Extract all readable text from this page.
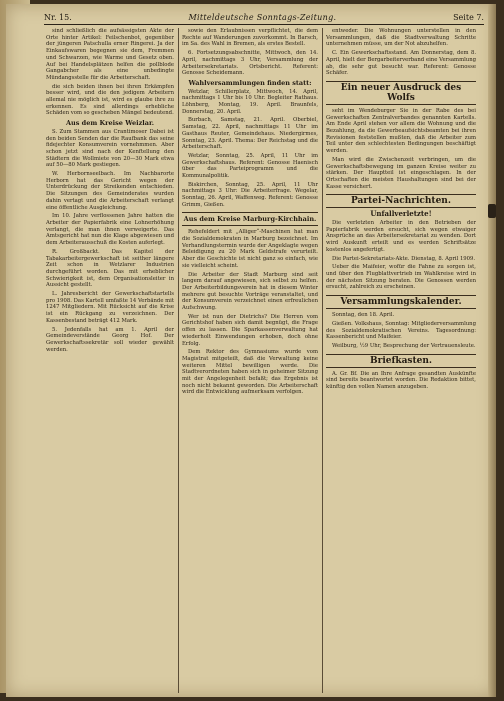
Nr. 15.	Mitteldeutsche Sonntags-Zeitung.	Seite 7.

sind schließlich die aufsässigsten Akte der Orte hinter Artikel: Feilschenbot, gegenüber der jüngeren Patschulla erner Ringerei. Ja der Einkaufswaren begegnen sie dem, Fremmen und Schwarzen, wie Warme und Gesetz oben. Auf bei Handelsplätzen helfen die pollblode Gangabcher als eine unbedingte Mündangsstelle für die Arbeiterschaft.

die sich beiden ihnen bei ihren Erkämpfen besser wird, und die den jedigem Arbeitern allemal nie möglich ist, wird es glaube ihre zu erkennen. Es sind allerdings erhebliche Schäden vom so gescheben Mängel bedeutend.

Aus dem Kreise Weizlar.

S. Zum Stammen aus Crantimoser Dabei ist den beiden Senden dar die Raufbank das seine fidejechter Konsumverein vornehmmen. Aber schon jetzt sind nach der Kenftellung den Städtern die Wollmiete von 20—30 Mark etwa auf 50—80 Mark gestiegen.

W. Herbornseelbach. Im Nachbarorte Herborn hat das Gericht wegen der Unterdrückung der Streikenden entschieden. Die Sitzungen des Gemeinderates wurden dahin vertagt und die Arbeiterschaft verlangt eine öffentliche Ausgleichung.

Im 10. Jahre verflossenen Jahre hatten die Arbeiter der Papierfabrik eine Lohnerhöhung verlangt, die man ihnen verweigerte. Das Amtsgericht hat nun die Klage abgewiesen und dem Arbeiterausschuß die Kosten auferlegt.

R. Großbackt. Das Kapitel der Tabakarbeitergewerkschaft ist seither längere Zeit schon in Wetzlarer Industrien durchgeführt worden. Das mit erheblicher Schwierigkeit ist, dem Organisationsleiter in Aussicht gestellt.

L. Jahresbericht der Gewerkschaftstartells pro 1908. Das Kartell umfaßte 14 Verbände mit 1247 Mitgliedern. Mit Rücksicht auf die Krise ist ein Rückgang zu verzeichnen. Der Kassenbestand beträgt 412 Mark.

5. Jedenfalls hat am 1. April der Gemeindeverstände Georg Hof. Der Gewerkschaftssekretär soll wieder gewählt werden.

sowie den Erlaubnissen verpflichtet, die dem Rechte auf Wanderungen zuvorkommt. In Barsch, im Sa. des Wahl in Bremen, als erstes Bestell.

6. Fortsetzungsabschnitte, Mittwoch, den 14. April, nachmittags 3 Uhr, Versammlung der Arbeitersekretariats. Ortsbericht. Referent: Genosse Scheidemann.

Wahlversammlungen finden statt:

Wetzlar, Schillerplatz, Mittwoch, 14. April, nachmittags 1 Uhr bis 10 Uhr. Begleiter Rathaus. Löhnberg, Montag, 19. April. Braunfels, Donnerstag, 20. April.

Burbach, Samstag, 21. April. Oberbiel, Samstag, 22. April, nachmittags 11 Uhr im Gasthaus Reuter, Gemeindehaus. Niedergirmes, Sonntag, 23. April. Thema: Der Reichstag und die Arbeiterschaft.

Wetzlar, Sonntag, 25. April, 11 Uhr im Gewerkschaftshaus. Referent: Genosse Haenisch über das Parteiprogramm und die Kommunalpolitik.

Biskirchen, Sonntag, 25. April, 11 Uhr nachmittags 3 Uhr: Die Arbeiterfrage. Wegelar, Sonntag, 26. April, Waffenweg. Referent: Genosse Grimm, Gießen.

Aus dem Kreise Marburg-Kirchhain.

Rehefeldert mit „Alliger“-Maschinen hat man die Sozialdemokraten in Marburg bezeichnet. Im Verhandlungstermin wurde der Angeklagte wegen Beleidigung zu 20 Mark Geldstrafe verurteilt. Aber die Geschichte ist nicht ganz so einfach, wie sie vielleicht scheint.

Die Arbeiter der Stadt Marburg sind seit langem darauf angewiesen, sich selbst zu helfen. Der Arbeiterbildungsverein hat in diesem Winter mehrere gut besuchte Vorträge veranstaltet, und der Konsumverein verzeichnet einen erfreulichen Aufschwung.

Wer ist nun der Dietrichs? Die Herren vom Gerichtshof haben sich damit begnügt, die Frage offen zu lassen. Die Sparkassenverwaltung hat wiederholt Einwendungen erhoben, doch ohne Erfolg.

Dem Rektor des Gymnasiums wurde vom Magistrat mitgeteilt, daß die Verwaltung keine weiteren Mittel bewilligen werde. Die Stadtverordneten haben sich in geheimer Sitzung mit der Angelegenheit befaßt; das Ergebnis ist noch nicht bekannt geworden. Die Arbeiterschaft wird die Entwicklung aufmerksam verfolgen.

entweder. Die Wohnungen unterstellen in den Versammlungen, daß die Stadtverwaltung Schritte unternehmen müsse, um der Not abzuhelfen.

C. Ein Gewerkschaftsstand. Am Donnerstag, dem 8. April, hielt der Bergarbeiterverband eine Versammlung ab, die sehr gut besucht war. Referent: Genosse Schäfer.

Ein neuer Ausdruck des Wolfs

seht im Wendeburger Sie in der Rabe des bei Gewerkschaften Zentralverbandes genannten Kartells. Am Ende April stehen vor allem die Wohnung und die Bezahlung, da die Gewerbeaufsichtsbeamten bei ihren Revisionen feststellen mußten, daß die Arbeiter zum Teil unter den schlechtesten Bedingungen beschäftigt werden.

Man wird die Zwischenzeit verbringen, um die Gewerkschaftsbewegung im ganzen Kreise weiter zu stärken. Der Hauptteil ist eingeschlagen. In der Ortschaften die meisten Haushaltungen sind bei der Kasse versichert.

Partei-Nachrichten.
Unfallverletzte!

Die verletzten Arbeiter in den Betrieben der Papierfabrik werden ersucht, sich wegen etwaiger Ansprüche an das Arbeitersekretariat zu wenden. Dort wird Auskunft erteilt und es werden Schriftsätze kostenlos angefertigt.

Die Partei-Sekretariats-Akte. Dienstag, 8. April 1909.

Ueber die Maifeier, wofür die Fahne zu sorgen ist, und über den Flugblattvertrieb im Wahlkreise wird in der nächsten Sitzung beraten. Die Genossen werden ersucht, zahlreich zu erscheinen.

Versammlungskalender.

Sonntag, den 18. April.

Gießen. Volkshaus, Sonntag: Mitgliederversammlung des Sozialdemokratischen Vereins. Tagesordnung: Kassenbericht und Maifeier.

Weilburg, ½9 Uhr, Besprechung der Vertrauensleute.

Briefkasten.

A. Gr. Bf. Die an Ihre Anfrage gesandten Auskünfte sind bereits beantwortet worden. Die Redaktion bittet, künftig den vollen Namen anzugeben.
